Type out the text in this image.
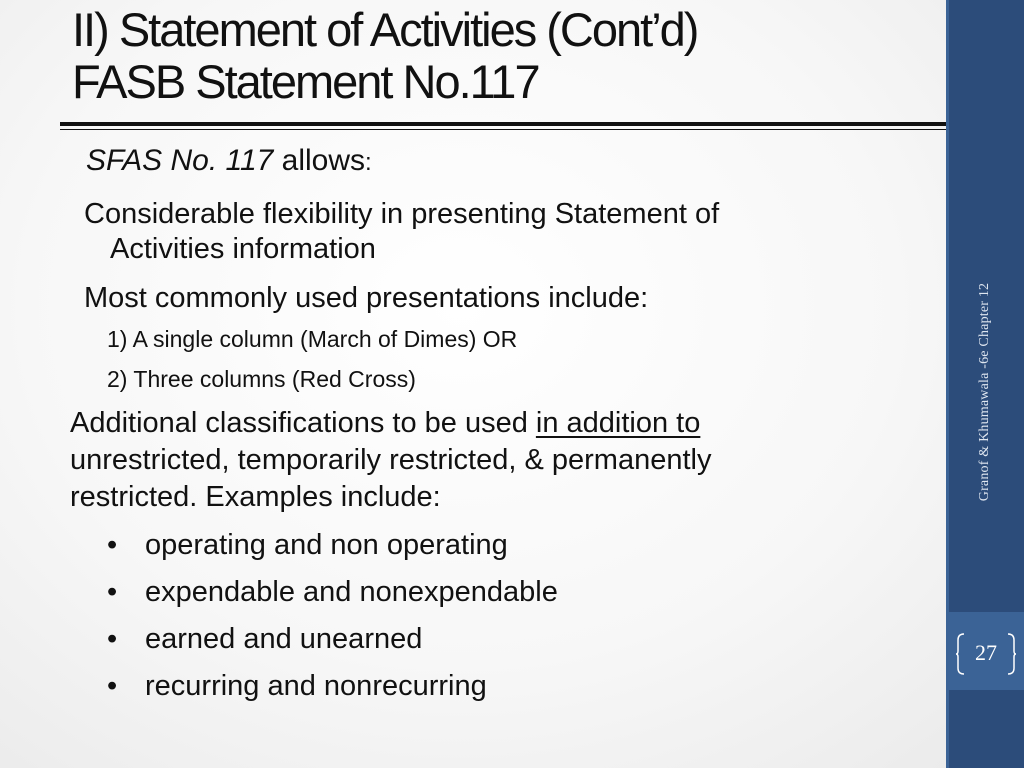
II) Statement of Activities (Cont’d)
FASB Statement No.117
SFAS No. 117 allows:
Considerable flexibility in presenting Statement of
Activities information
Most commonly used presentations include:
1) A single column (March of Dimes) OR
2) Three columns (Red Cross)
Additional classifications to be used in addition to
unrestricted, temporarily restricted, & permanently
restricted. Examples include:
• operating and non operating
• expendable and nonexpendable
• earned and unearned
• recurring and nonrecurring
Granof & Khumawala -6e Chapter 12
27
